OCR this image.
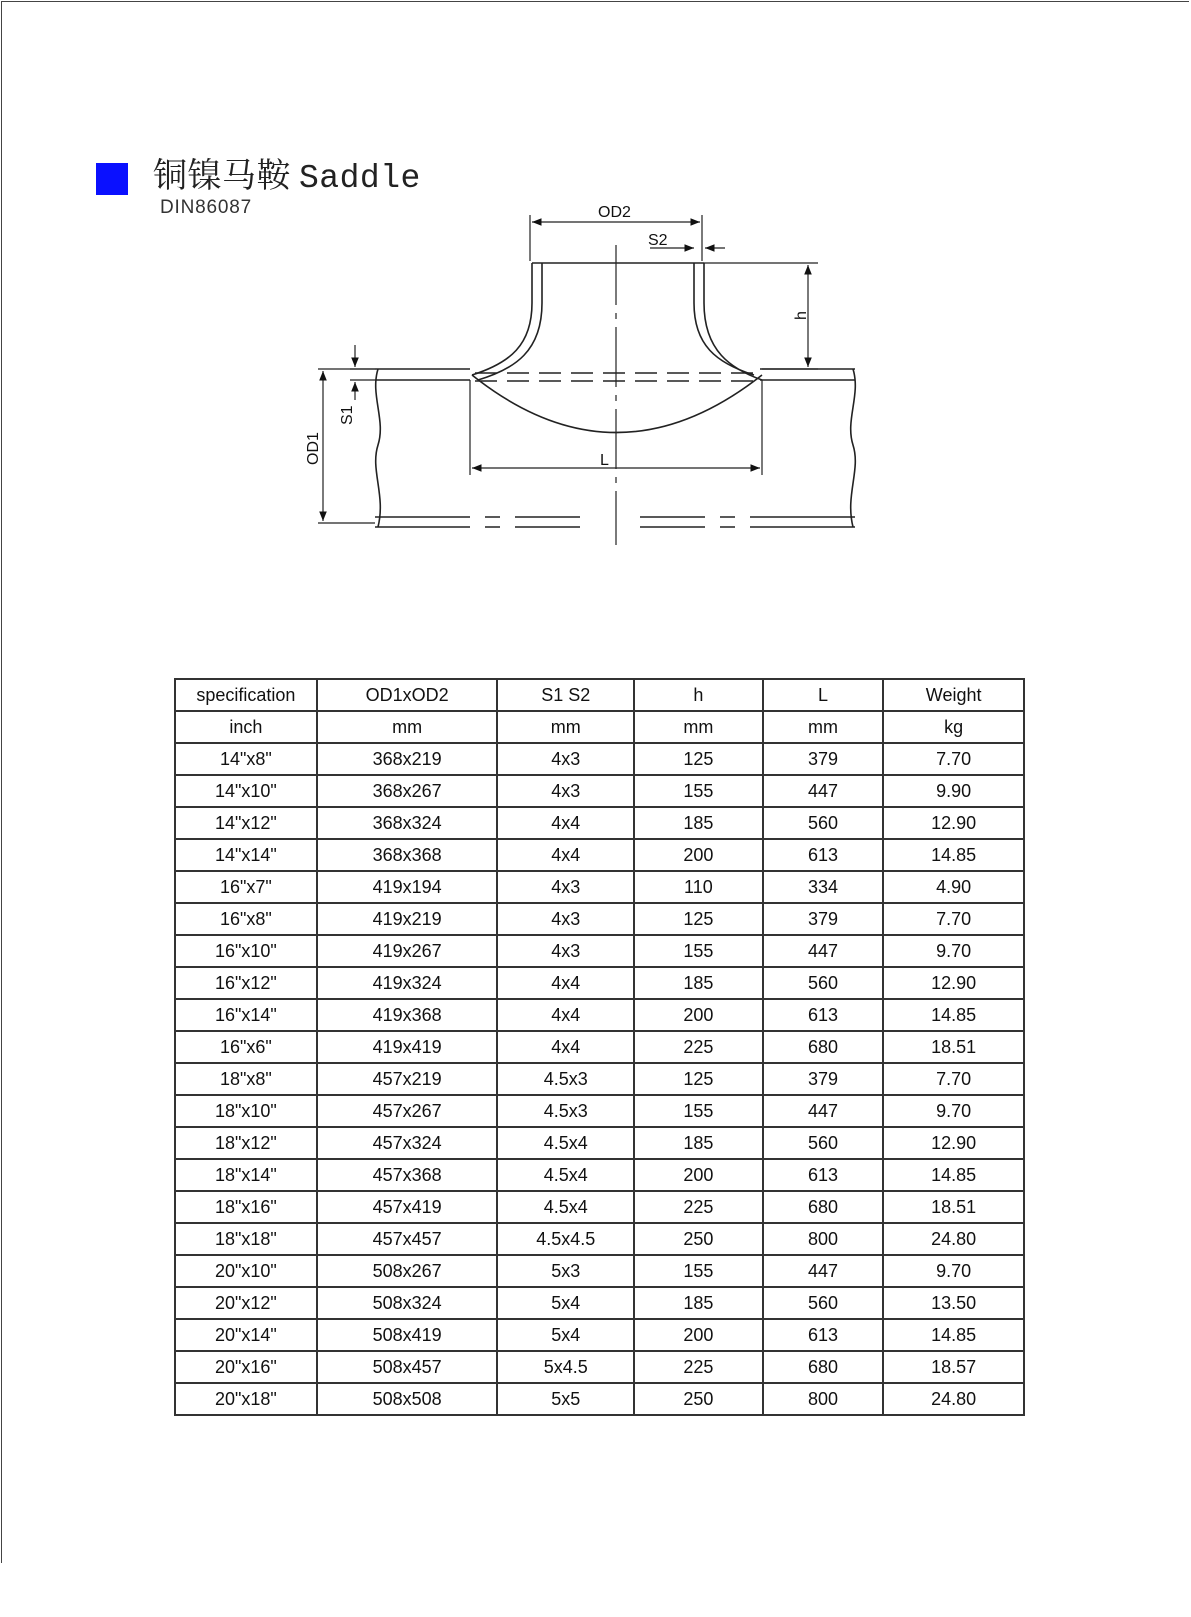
铜镍马鞍 Saddle
DIN86087	OD2
S2
h
S1
OD1	L
specification	OD1xOD2	S1 S2	h	L	Weight
inch	mm	mm	mm	mm	kg
14"x8"	368x219	4x3	125	379	7.70
14"x10"	368x267	4x3	155	447	9.90
14"x12"	368x324	4x4	185	560	12.90
14"x14"	368x368	4x4	200	613	14.85
16"x7"	419x194	4x3	110	334	4.90
16"x8"	419x219	4x3	125	379	7.70
16"x10"	419x267	4x3	155	447	9.70
16"x12"	419x324	4x4	185	560	12.90
16"x14"	419x368	4x4	200	613	14.85
16"x6"	419x419	4x4	225	680	18.51
18"x8"	457x219	4.5x3	125	379	7.70
18"x10"	457x267	4.5x3	155	447	9.70
18"x12"	457x324	4.5x4	185	560	12.90
18"x14"	457x368	4.5x4	200	613	14.85
18"x16"	457x419	4.5x4	225	680	18.51
18"x18"	457x457	4.5x4.5	250	800	24.80
20"x10"	508x267	5x3	155	447	9.70
20"x12"	508x324	5x4	185	560	13.50
20"x14"	508x419	5x4	200	613	14.85
20"x16"	508x457	5x4.5	225	680	18.57
20"x18"	508x508	5x5	250	800	24.80
